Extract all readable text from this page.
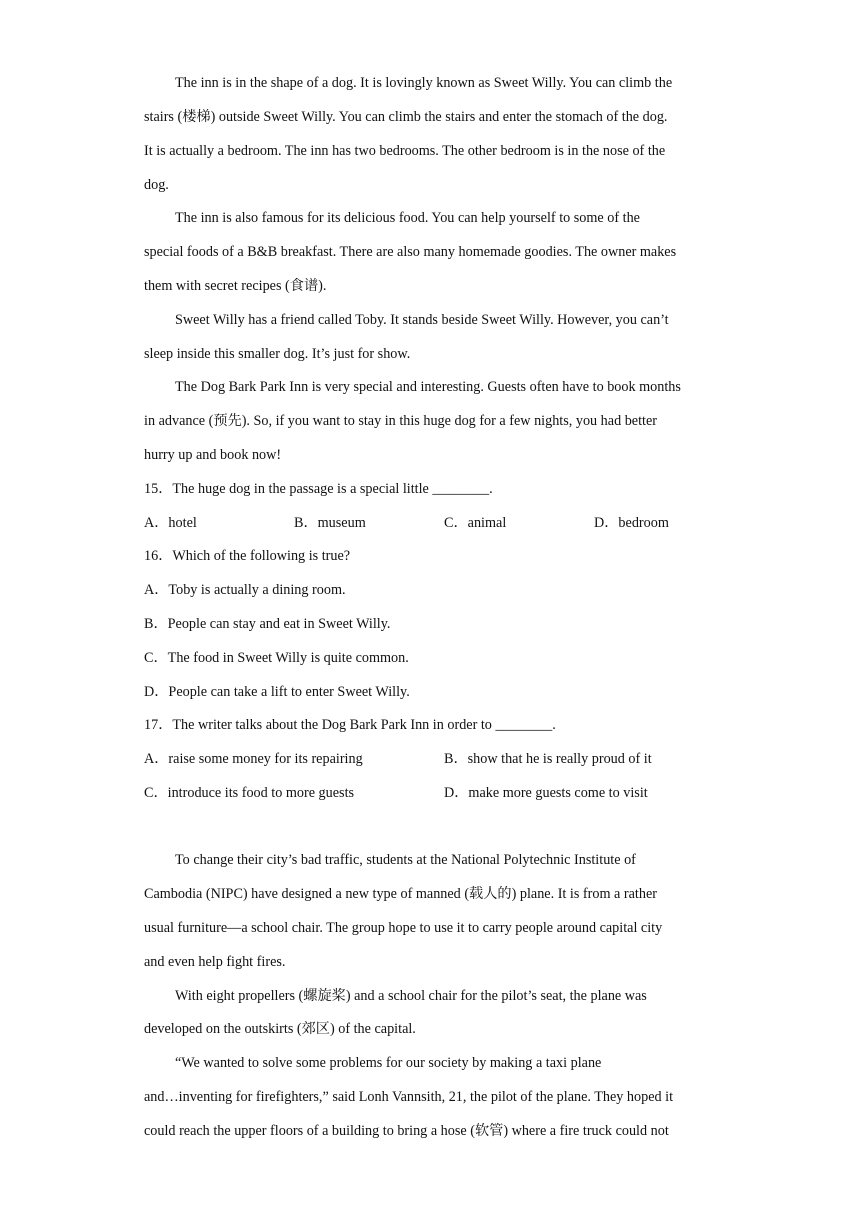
The inn is in the shape of a dog. It is lovingly known as Sweet Willy. You can climb the
stairs (楼梯) outside Sweet Willy. You can climb the stairs and enter the stomach of the dog.
It is actually a bedroom. The inn has two bedrooms. The other bedroom is in the nose of the
dog.
The inn is also famous for its delicious food. You can help yourself to some of the
special foods of a B&B breakfast. There are also many homemade goodies. The owner makes
them with secret recipes (食谱).
Sweet Willy has a friend called Toby. It stands beside Sweet Willy. However, you can’t
sleep inside this smaller dog. It’s just for show.
The Dog Bark Park Inn is very special and interesting. Guests often have to book months
in advance (预先). So, if you want to stay in this huge dog for a few nights, you had better
hurry up and book now!
15．The huge dog in the passage is a special little ________.
A．hotel	B．museum	C．animal	D．bedroom
16．Which of the following is true?
A．Toby is actually a dining room.
B．People can stay and eat in Sweet Willy.
C．The food in Sweet Willy is quite common.
D．People can take a lift to enter Sweet Willy.
17．The writer talks about the Dog Bark Park Inn in order to ________.
A．raise some money for its repairing	B．show that he is really proud of it
C．introduce its food to more guests	D．make more guests come to visit
To change their city’s bad traffic, students at the National Polytechnic Institute of
Cambodia (NIPC) have designed a new type of manned (载人的) plane. It is from a rather
usual furniture—a school chair. The group hope to use it to carry people around capital city
and even help fight fires.
With eight propellers (螺旋桨) and a school chair for the pilot’s seat, the plane was
developed on the outskirts (郊区) of the capital.
“We wanted to solve some problems for our society by making a taxi plane
and…inventing for firefighters,” said Lonh Vannsith, 21, the pilot of the plane. They hoped it
could reach the upper floors of a building to bring a hose (软管) where a fire truck could not
